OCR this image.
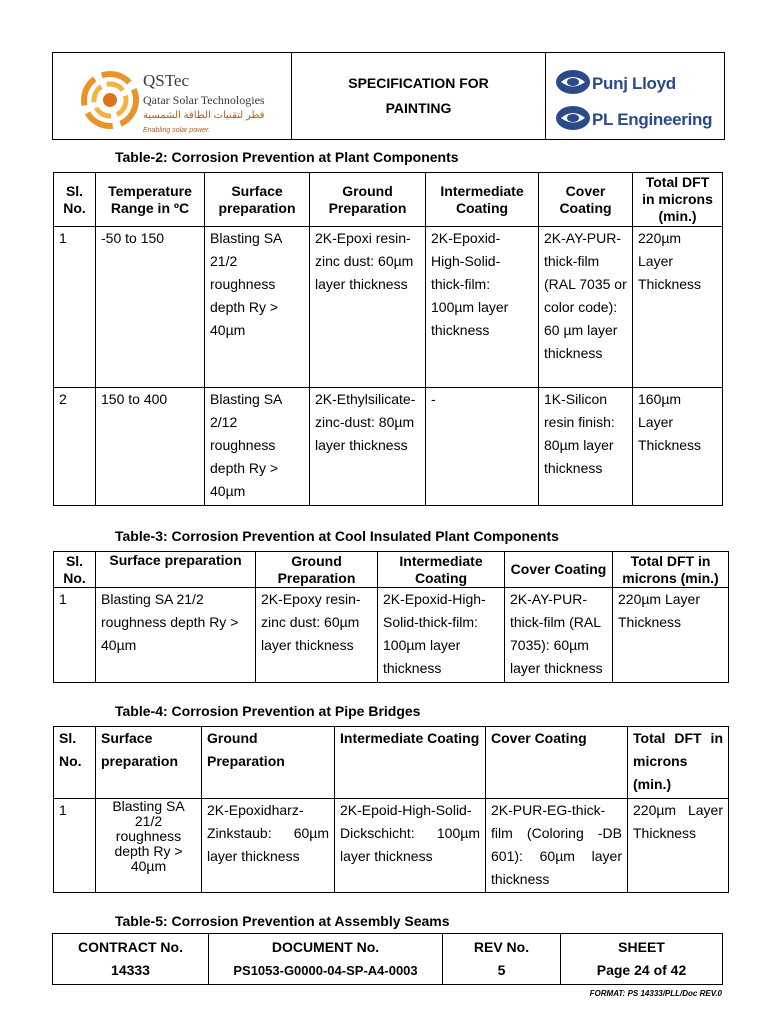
QSTec
Qatar Solar Technologies
قطر لتقنيات الطاقة الشمسية
Enabling solar power.

SPECIFICATION FOR
PAINTING

Punj Lloyd
PL Engineering
Table-2: Corrosion Prevention at Plant Components
Sl. No.	Temperature Range in ºC	Surface preparation	Ground Preparation	Intermediate Coating	Cover Coating	Total DFT in microns (min.)
1	-50 to 150	Blasting SA 21/2 roughness depth Ry > 40µm	2K-Epoxi resin-zinc dust: 60µm layer thickness	2K-Epoxid-High-Solid-thick-film: 100µm layer thickness	2K-AY-PUR-thick-film (RAL 7035 or color code): 60 µm layer thickness	220µm Layer Thickness
2	150 to 400	Blasting SA 2/12 roughness depth Ry > 40µm	2K-Ethylsilicate-zinc-dust: 80µm layer thickness	-	1K-Silicon resin finish: 80µm layer thickness	160µm Layer Thickness
Table-3: Corrosion Prevention at Cool Insulated Plant Components
Sl. No.	Surface preparation	Ground Preparation	Intermediate Coating	Cover Coating	Total DFT in microns (min.)
1	Blasting SA 21/2 roughness depth Ry > 40µm	2K-Epoxy resin-zinc dust: 60µm layer thickness	2K-Epoxid-High-Solid-thick-film: 100µm layer thickness	2K-AY-PUR-thick-film (RAL 7035): 60µm layer thickness	220µm Layer Thickness
Table-4: Corrosion Prevention at Pipe Bridges
Sl. No.	Surface preparation	Ground Preparation	Intermediate Coating	Cover Coating	Total DFT in microns (min.)
1	Blasting SA 21/2 roughness depth Ry > 40µm	2K-Epoxidharz-Zinkstaub: 60µm layer thickness	2K-Epoid-High-Solid-Dickschicht: 100µm layer thickness	2K-PUR-EG-thick-film (Coloring -DB 601): 60µm layer thickness	220µm Layer Thickness
Table-5: Corrosion Prevention at Assembly Seams
CONTRACT No.
14333

DOCUMENT No.
PS1053-G0000-04-SP-A4-0003

REV No.
5

SHEET
Page 24 of 42
FORMAT: PS 14333/PLL/Doc REV.0
